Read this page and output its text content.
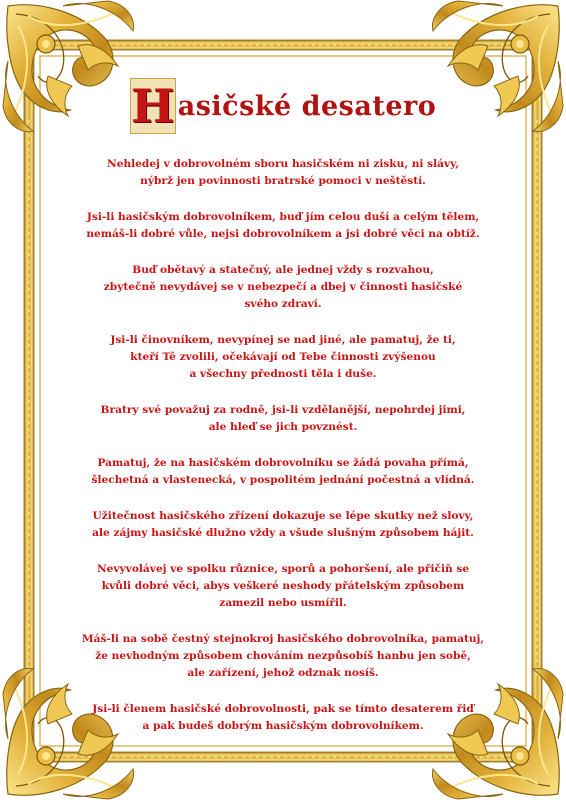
H asičské desatero

Nehledej v dobrovolném sboru hasičském ni zisku, ni slávy,
nýbrž jen povinnosti bratrské pomoci v neštěstí.

Jsi-li hasičským dobrovolníkem, buď jím celou duší a celým tělem,
nemáš-li dobré vůle, nejsi dobrovolníkem a jsi dobré věci na obtíž.

Buď obětavý a statečný, ale jednej vždy s rozvahou,
zbytečně nevydávej se v nebezpečí a dbej v činnosti hasičské
svého zdraví.

Jsi-li činovníkem, nevypínej se nad jiné, ale pamatuj, že ti,
kteří Tě zvolili, očekávají od Tebe činnosti zvýšenou
a všechny přednosti těla i duše.

Bratry své považuj za rodně, jsi-li vzdělanější, nepohrdej jimi,
ale hleď se jich povznést.

Pamatuj, že na hasičském dobrovolníku se žádá povaha přímá,
šlechetná a vlastenecká, v pospolitém jednání počestná a vlídná.

Užitečnost hasičského zřízení dokazuje se lépe skutky než slovy,
ale zájmy hasičské dlužno vždy a všude slušným způsobem hájit.

Nevyvolávej ve spolku různice, sporů a pohoršení, ale přičiň se
kvůli dobré věci, abys veškeré neshody přátelským způsobem
zamezil nebo usmířil.

Máš-li na sobě čestný stejnokroj hasičského dobrovolníka, pamatuj,
že nevhodným způsobem chováním nezpůsobíš hanbu jen sobě,
ale zařízení, jehož odznak nosíš.

Jsi-li členem hasičské dobrovolnosti, pak se tímto desaterem řiď
a pak budeš dobrým hasičským dobrovolníkem.
